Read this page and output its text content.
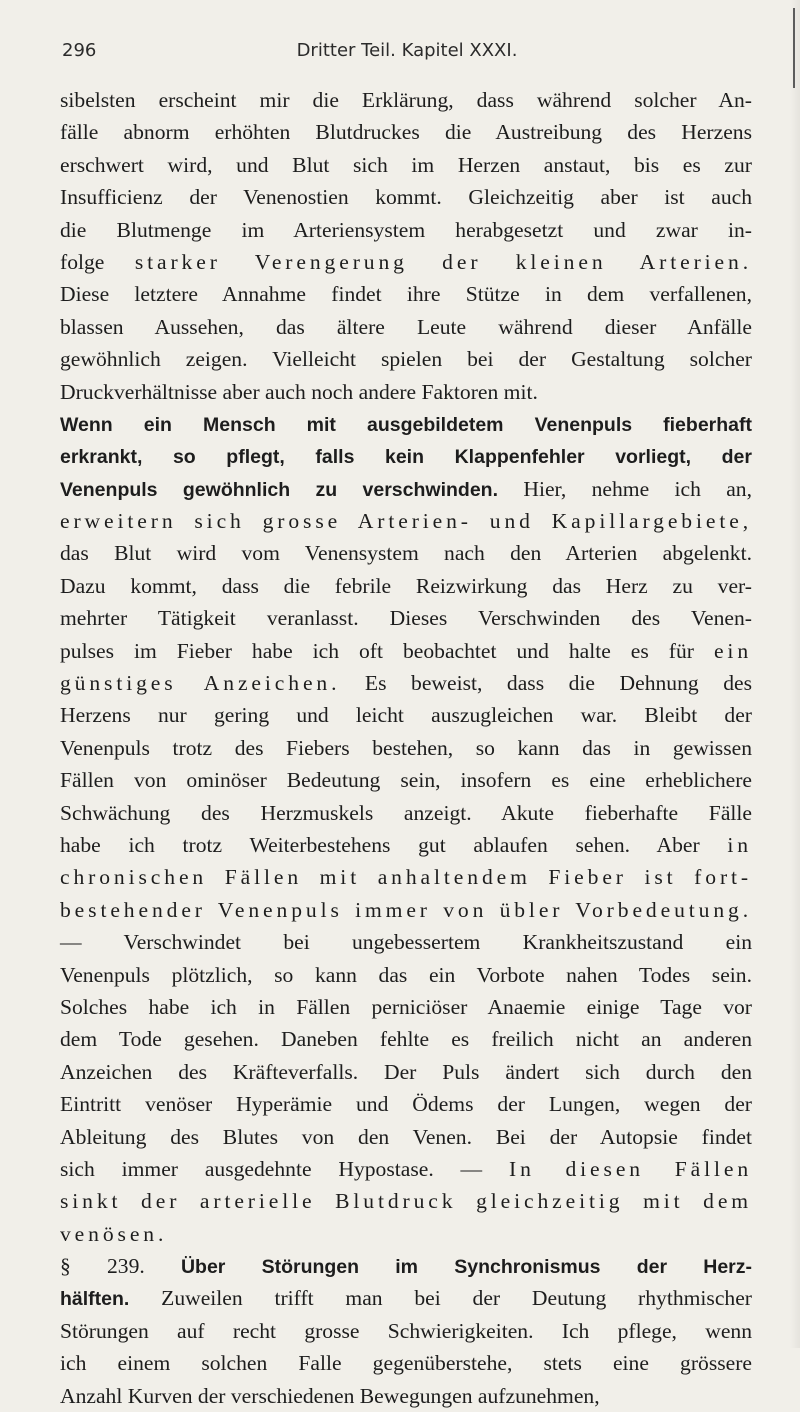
296	Dritter Teil. Kapitel XXXI.
sibelsten erscheint mir die Erklärung, dass während solcher An-
fälle abnorm erhöhten Blutdruckes die Austreibung des Herzens
erschwert wird, und Blut sich im Herzen anstaut, bis es zur
Insufficienz der Venenostien kommt. Gleichzeitig aber ist auch
die Blutmenge im Arteriensystem herabgesetzt und zwar in-
folge starker Verengerung der kleinen Arterien.
Diese letztere Annahme findet ihre Stütze in dem verfallenen,
blassen Aussehen, das ältere Leute während dieser Anfälle
gewöhnlich zeigen. Vielleicht spielen bei der Gestaltung solcher
Druckverhältnisse aber auch noch andere Faktoren mit.
Wenn ein Mensch mit ausgebildetem Venenpuls fieberhaft
erkrankt, so pflegt, falls kein Klappenfehler vorliegt, der
Venenpuls gewöhnlich zu verschwinden. Hier, nehme ich an,
erweitern sich grosse Arterien- und Kapillargebiete,
das Blut wird vom Venensystem nach den Arterien abgelenkt.
Dazu kommt, dass die febrile Reizwirkung das Herz zu ver-
mehrter Tätigkeit veranlasst. Dieses Verschwinden des Venen-
pulses im Fieber habe ich oft beobachtet und halte es für ein
günstiges Anzeichen. Es beweist, dass die Dehnung des
Herzens nur gering und leicht auszugleichen war. Bleibt der
Venenpuls trotz des Fiebers bestehen, so kann das in gewissen
Fällen von ominöser Bedeutung sein, insofern es eine erheblichere
Schwächung des Herzmuskels anzeigt. Akute fieberhafte Fälle
habe ich trotz Weiterbestehens gut ablaufen sehen. Aber in
chronischen Fällen mit anhaltendem Fieber ist fort-
bestehender Venenpuls immer von übler Vorbedeutung.
— Verschwindet bei ungebessertem Krankheitszustand ein
Venenpuls plötzlich, so kann das ein Vorbote nahen Todes sein.
Solches habe ich in Fällen perniciöser Anaemie einige Tage vor
dem Tode gesehen. Daneben fehlte es freilich nicht an anderen
Anzeichen des Kräfteverfalls. Der Puls ändert sich durch den
Eintritt venöser Hyperämie und Ödems der Lungen, wegen der
Ableitung des Blutes von den Venen. Bei der Autopsie findet
sich immer ausgedehnte Hypostase. — In diesen Fällen
sinkt der arterielle Blutdruck gleichzeitig mit dem
venösen.
§ 239. Über Störungen im Synchronismus der Herz-
hälften. Zuweilen trifft man bei der Deutung rhythmischer
Störungen auf recht grosse Schwierigkeiten. Ich pflege, wenn
ich einem solchen Falle gegenüberstehe, stets eine grössere
Anzahl Kurven der verschiedenen Bewegungen aufzunehmen,
